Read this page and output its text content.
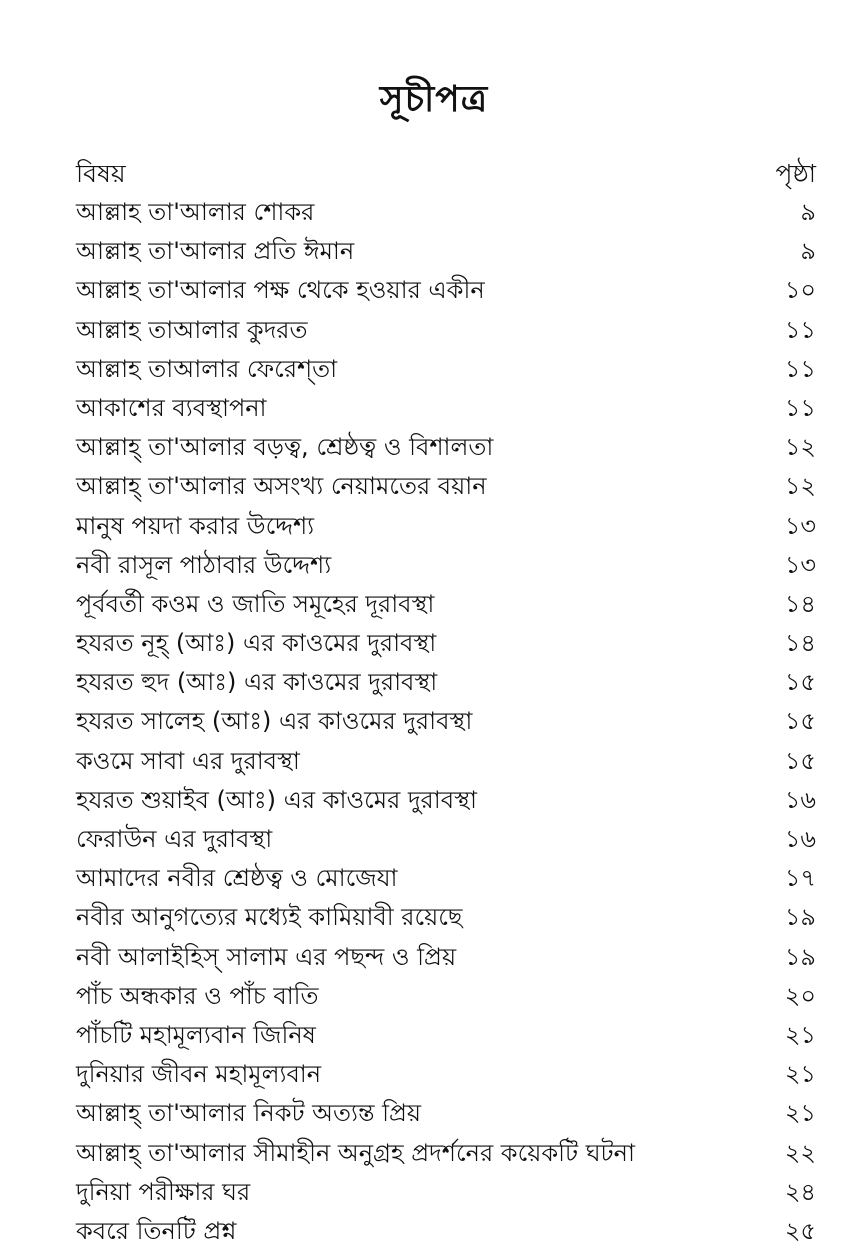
সূচীপত্র
বিষয়	পৃষ্ঠা
আল্লাহ তা'আলার শোকর	৯
আল্লাহ তা'আলার প্রতি ঈমান	৯
আল্লাহ তা'আলার পক্ষ থেকে হওয়ার একীন	১০
আল্লাহ তাআলার কুদরত	১১
আল্লাহ তাআলার ফেরেশ্‌তা	১১
আকাশের ব্যবস্থাপনা	১১
আল্লাহ্‌ তা'আলার বড়ত্ব, শ্রেষ্ঠত্ব ও বিশালতা	১২
আল্লাহ্‌ তা'আলার অসংখ্য নেয়ামতের বয়ান	১২
মানুষ পয়দা করার উদ্দেশ্য	১৩
নবী রাসূল পাঠাবার উদ্দেশ্য	১৩
পূর্ববর্তী কওম ও জাতি সমূহের দূরাবস্থা	১৪
হযরত নূহ্‌ (আঃ) এর কাওমের দুরাবস্থা	১৪
হযরত হুদ (আঃ) এর কাওমের দুরাবস্থা	১৫
হযরত সালেহ (আঃ) এর কাওমের দুরাবস্থা	১৫
কওমে সাবা এর দুরাবস্থা	১৫
হযরত শুয়াইব (আঃ) এর কাওমের দুরাবস্থা	১৬
ফেরাউন এর দুরাবস্থা	১৬
আমাদের নবীর শ্রেষ্ঠত্ব ও মোজেযা	১৭
নবীর আনুগত্যের মধ্যেই কামিয়াবী রয়েছে	১৯
নবী আলাইহিস্‌ সালাম এর পছন্দ ও প্রিয়	১৯
পাঁচ অন্ধকার ও পাঁচ বাতি	২০
পাঁচটি মহামূল্যবান জিনিষ	২১
দুনিয়ার জীবন মহামূল্যবান	২১
আল্লাহ্‌ তা'আলার নিকট অত্যন্ত প্রিয়	২১
আল্লাহ্‌ তা'আলার সীমাহীন অনুগ্রহ প্রদর্শনের কয়েকটি ঘটনা	২২
দুনিয়া পরীক্ষার ঘর	২৪
কবরে তিনটি প্রশ্ন	২৫
